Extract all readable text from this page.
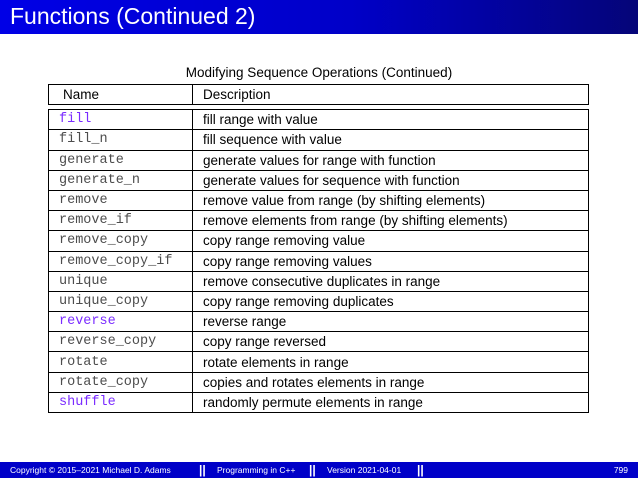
Functions (Continued 2)
Modifying Sequence Operations (Continued)
Name	Description

fill	fill range with value
fill_n	fill sequence with value
generate	generate values for range with function
generate_n	generate values for sequence with function
remove	remove value from range (by shifting elements)
remove_if	remove elements from range (by shifting elements)
remove_copy	copy range removing value
remove_copy_if	copy range removing values
unique	remove consecutive duplicates in range
unique_copy	copy range removing duplicates
reverse	reverse range
reverse_copy	copy range reversed
rotate	rotate elements in range
rotate_copy	copies and rotates elements in range
shuffle	randomly permute elements in range
Copyright © 2015–2021 Michael D. Adams || Programming in C++ || Version 2021-04-01 ||	799
